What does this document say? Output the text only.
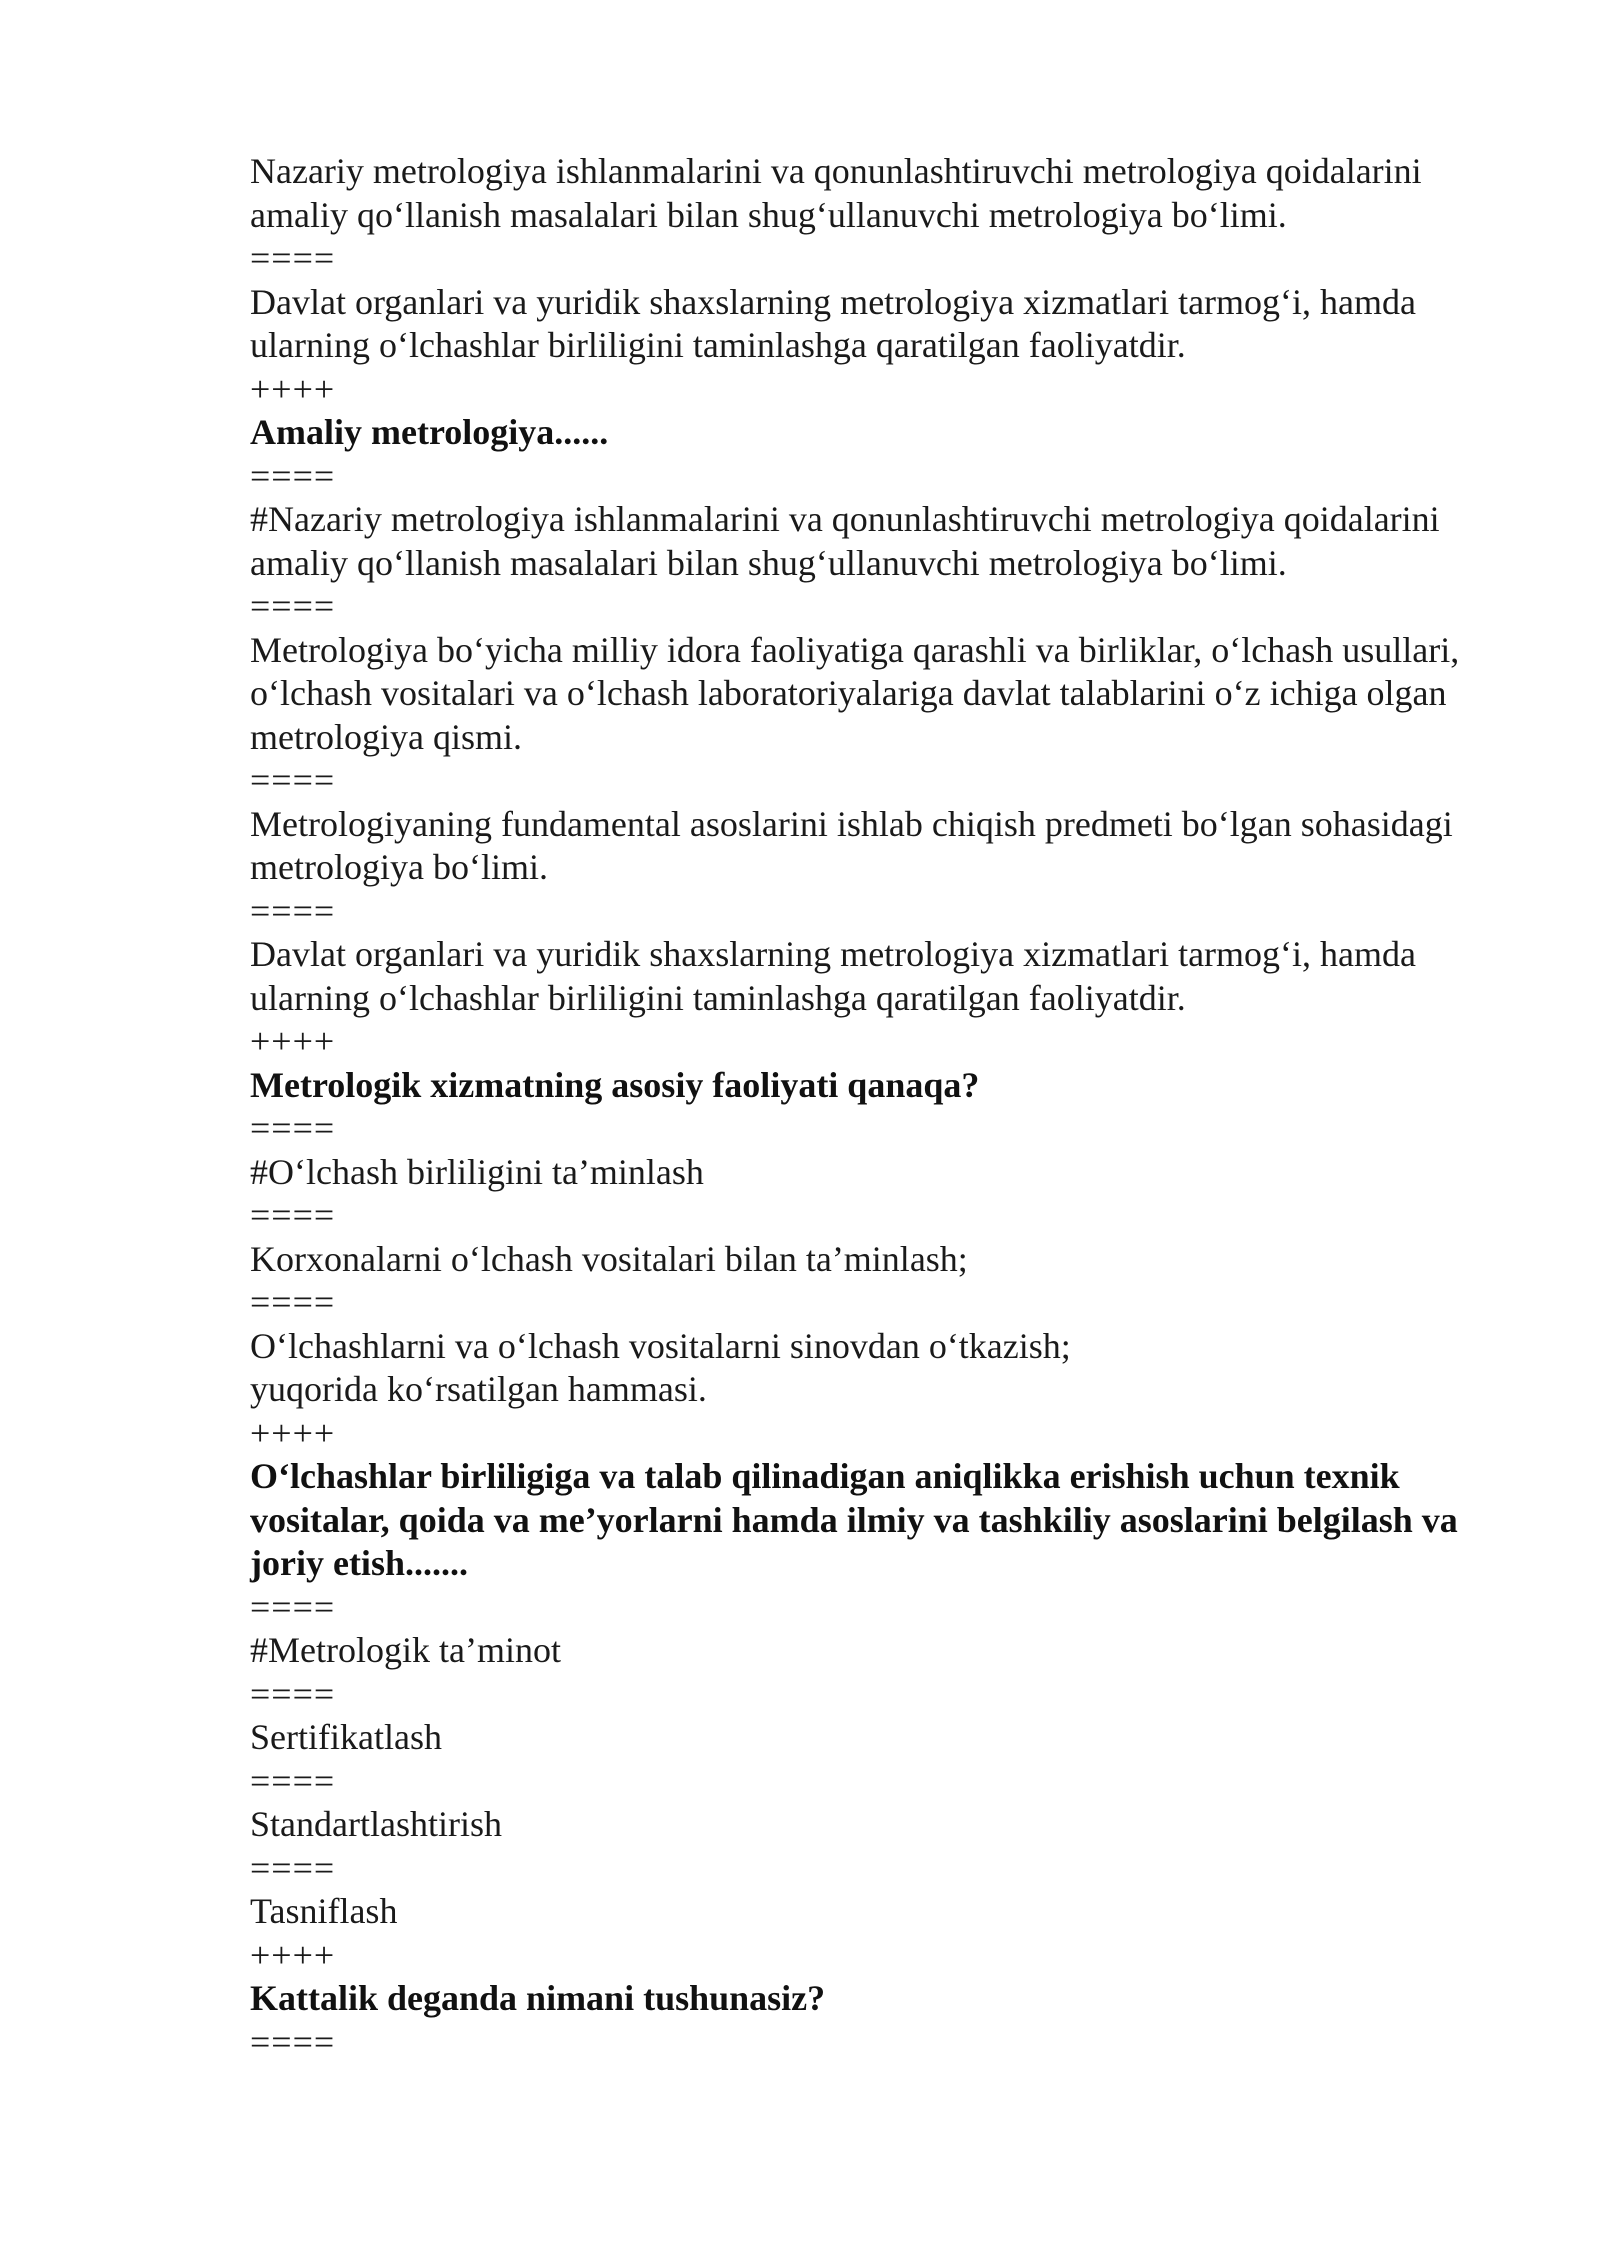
Nazariy metrologiya ishlanmalarini va qonunlashtiruvchi metrologiya qoidalarini amaliy qo‘llanish masalalari bilan shug‘ullanuvchi metrologiya bo‘limi.

====

Davlat organlari va yuridik shaxslarning metrologiya xizmatlari tarmog‘i, hamda ularning o‘lchashlar birliligini taminlashga qaratilgan faoliyatdir.

++++

Amaliy metrologiya......

====

#Nazariy metrologiya ishlanmalarini va qonunlashtiruvchi metrologiya qoidalarini amaliy qo‘llanish masalalari bilan shug‘ullanuvchi metrologiya bo‘limi.

====

Metrologiya bo‘yicha milliy idora faoliyatiga qarashli va birliklar, o‘lchash usullari, o‘lchash vositalari va o‘lchash laboratoriyalariga davlat talablarini o‘z ichiga olgan metrologiya qismi.

====

Metrologiyaning fundamental asoslarini ishlab chiqish predmeti bo‘lgan sohasidagi metrologiya bo‘limi.

====

Davlat organlari va yuridik shaxslarning metrologiya xizmatlari tarmog‘i, hamda ularning o‘lchashlar birliligini taminlashga qaratilgan faoliyatdir.

++++

Metrologik xizmatning asosiy faoliyati qanaqa?

====

#O‘lchash birliligini ta’minlash

====

Korxonalarni o‘lchash vositalari bilan ta’minlash;

====

O‘lchashlarni va o‘lchash vositalarni sinovdan o‘tkazish;

yuqorida ko‘rsatilgan hammasi.

++++

O‘lchashlar birliligiga va talab qilinadigan aniqlikka erishish uchun texnik vositalar, qoida va me’yorlarni hamda ilmiy va tashkiliy asoslarini belgilash va joriy etish.......

====

#Metrologik ta’minot

====

Sertifikatlash

====

Standartlashtirish

====

Tasniflash

++++

Kattalik deganda nimani tushunasiz?

====
